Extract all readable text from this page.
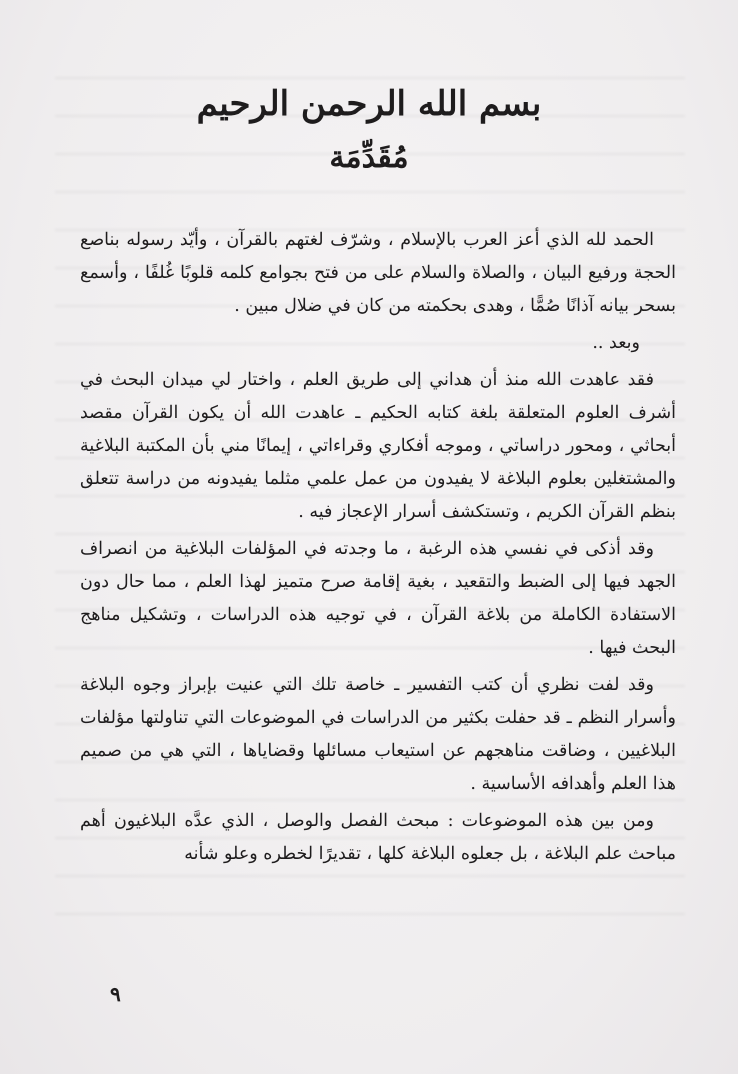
بسم الله الرحمن الرحيم
مُقَدِّمَة

الحمد لله الذي أعز العرب بالإسلام ، وشرّف لغتهم بالقرآن ، وأيّد رسوله بناصع الحجة ورفيع البيان ، والصلاة والسلام على من فتح بجوامع كلمه قلوبًا غُلفًا ، وأسمع بسحر بيانه آذانًا صُمًّا ، وهدى بحكمته من كان في ضلال مبين .

وبعد ..

فقد عاهدت الله منذ أن هداني إلى طريق العلم ، واختار لي ميدان البحث في أشرف العلوم المتعلقة بلغة كتابه الحكيم ـ عاهدت الله أن يكون القرآن مقصد أبحاثي ، ومحور دراساتي ، وموجه أفكاري وقراءاتي ، إيمانًا مني بأن المكتبة البلاغية والمشتغلين بعلوم البلاغة لا يفيدون من عمل علمي مثلما يفيدونه من دراسة تتعلق بنظم القرآن الكريم ، وتستكشف أسرار الإعجاز فيه .

وقد أذكى في نفسي هذه الرغبة ، ما وجدته في المؤلفات البلاغية من انصراف الجهد فيها إلى الضبط والتقعيد ، بغية إقامة صرح متميز لهذا العلم ، مما حال دون الاستفادة الكاملة من بلاغة القرآن ، في توجيه هذه الدراسات ، وتشكيل مناهج البحث فيها .

وقد لفت نظري أن كتب التفسير ـ خاصة تلك التي عنيت بإبراز وجوه البلاغة وأسرار النظم ـ قد حفلت بكثير من الدراسات في الموضوعات التي تناولتها مؤلفات البلاغيين ، وضاقت مناهجهم عن استيعاب مسائلها وقضاياها ، التي هي من صميم هذا العلم وأهدافه الأساسية .

ومن بين هذه الموضوعات : مبحث الفصل والوصل ، الذي عدَّه البلاغيون أهم مباحث علم البلاغة ، بل جعلوه البلاغة كلها ، تقديرًا لخطره وعلو شأنه

٩
